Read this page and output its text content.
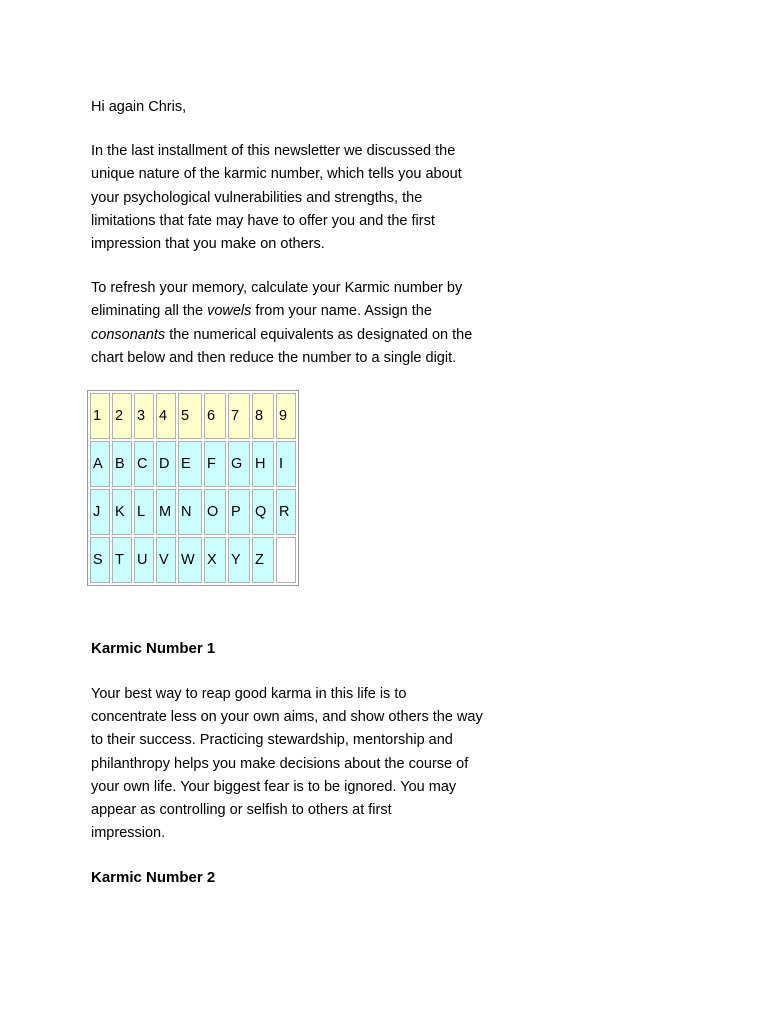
Hi again Chris,
In the last installment of this newsletter we discussed the
unique nature of the karmic number, which tells you about
your psychological vulnerabilities and strengths, the
limitations that fate may have to offer you and the first
impression that you make on others.
To refresh your memory, calculate your Karmic number by
eliminating all the vowels from your name. Assign the
consonants the numerical equivalents as designated on the
chart below and then reduce the number to a single digit.
1	2	3	4	5	6	7	8	9
A	B	C	D	E	F	G	H	I
J	K	L	M	N	O	P	Q	R
S	T	U	V	W	X	Y	Z	
Karmic Number 1
Your best way to reap good karma in this life is to
concentrate less on your own aims, and show others the way
to their success. Practicing stewardship, mentorship and
philanthropy helps you make decisions about the course of
your own life. Your biggest fear is to be ignored. You may
appear as controlling or selfish to others at first
impression.
Karmic Number 2
